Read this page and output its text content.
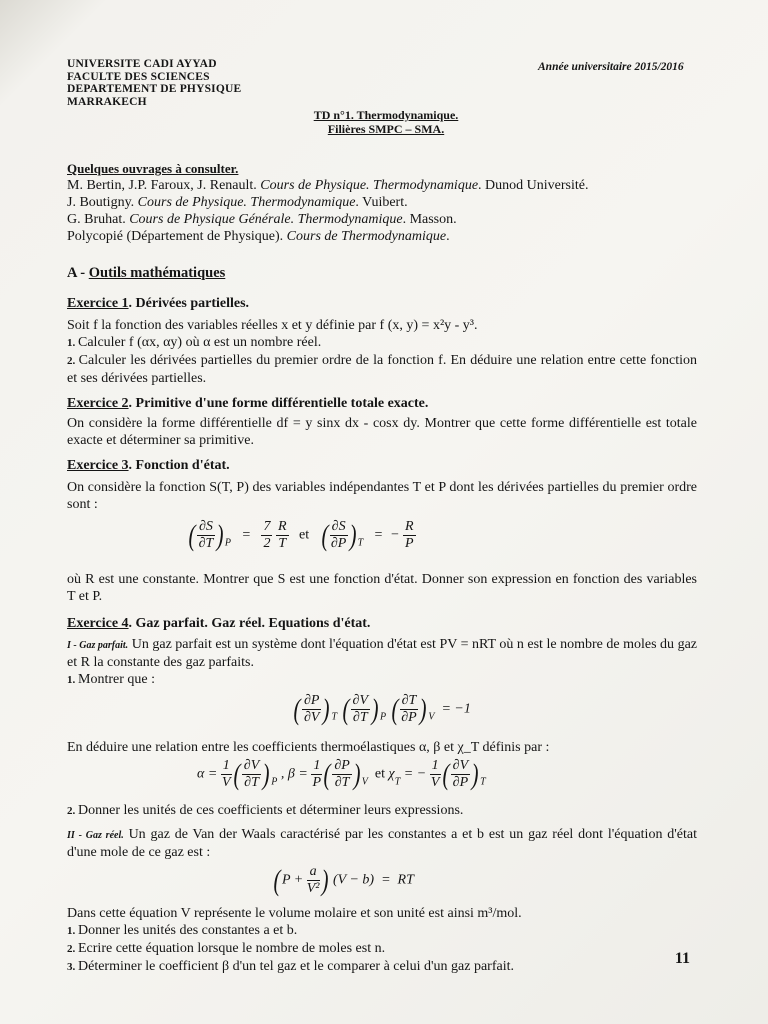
UNIVERSITE CADI AYYAD
FACULTE DES SCIENCES
DEPARTEMENT DE PHYSIQUE
MARRAKECH
Année universitaire 2015/2016
TD n°1. Thermodynamique.
Filières SMPC – SMA.
Quelques ouvrages à consulter.

M. Bertin, J.P. Faroux, J. Renault. Cours de Physique. Thermodynamique. Dunod Université.

J. Boutigny. Cours de Physique. Thermodynamique. Vuibert.

G. Bruhat. Cours de Physique Générale. Thermodynamique. Masson.

Polycopié (Département de Physique). Cours de Thermodynamique.

A - Outils mathématiques
Exercice 1. Dérivées partielles.

Soit f la fonction des variables réelles x et y définie par f (x, y) = x²y - y³.

1. Calculer f (αx, αy) où α est un nombre réel.

2. Calculer les dérivées partielles du premier ordre de la fonction f. En déduire une relation entre cette fonction et ses dérivées partielles.

Exercice 2. Primitive d'une forme différentielle totale exacte.

On considère la forme différentielle df = y sinx dx - cosx dy. Montrer que cette forme différentielle est totale exacte et déterminer sa primitive.

Exercice 3. Fonction d'état.

On considère la fonction S(T, P) des variables indépendantes T et P dont les dérivées partielles du premier ordre sont :

( $\frac{\partial S}{\partial T}$ ) $_P = \frac{7}{2}$
$\frac{R}{T}$ et ( $\frac{\partial S}{\partial P}$ ) $_T$   =  − $\frac{R}{P}$

où R est une constante. Montrer que S est une fonction d'état. Donner son expression en fonction des variables T et P.

Exercice 4. Gaz parfait. Gaz réel. Equations d'état.

I - Gaz parfait. Un gaz parfait est un système dont l'équation d'état est PV = nRT où n est le nombre de moles du gaz et R la constante des gaz parfaits.

1. Montrer que :

( $\frac{\partial P}{\partial V}$ ) $_T$ ( $\frac{\partial V}{\partial T}$ ) $_P$ ( $\frac{\partial T}{\partial P}$ ) $_V$  = −1

En déduire une relation entre les coefficients thermoélastiques α, β et χ_T définis par :

$\alpha = \frac{1}{V}$ ( $\frac{\partial V}{\partial T}$ ) $_P$ , $\beta = \frac{1}{P}$ ( $\frac{\partial P}{\partial T}$ ) $_V$  et $\chi_T$ = − $\frac{1}{V}$ ( $\frac{\partial V}{\partial P}$ ) $_T$

2. Donner les unités de ces coefficients et déterminer leurs expressions.

II - Gaz réel. Un gaz de Van der Waals caractérisé par les constantes a et b est un gaz réel dont l'équation d'état d'une mole de ce gaz est :

( $P + \frac{a}{\text{V²}}$ ) (V − b)  =  RT

Dans cette équation V représente le volume molaire et son unité est ainsi m³/mol.

1. Donner les unités des constantes a et b.

2. Ecrire cette équation lorsque le nombre de moles est n.

3. Déterminer le coefficient β d'un tel gaz et le comparer à celui d'un gaz parfait.	11
